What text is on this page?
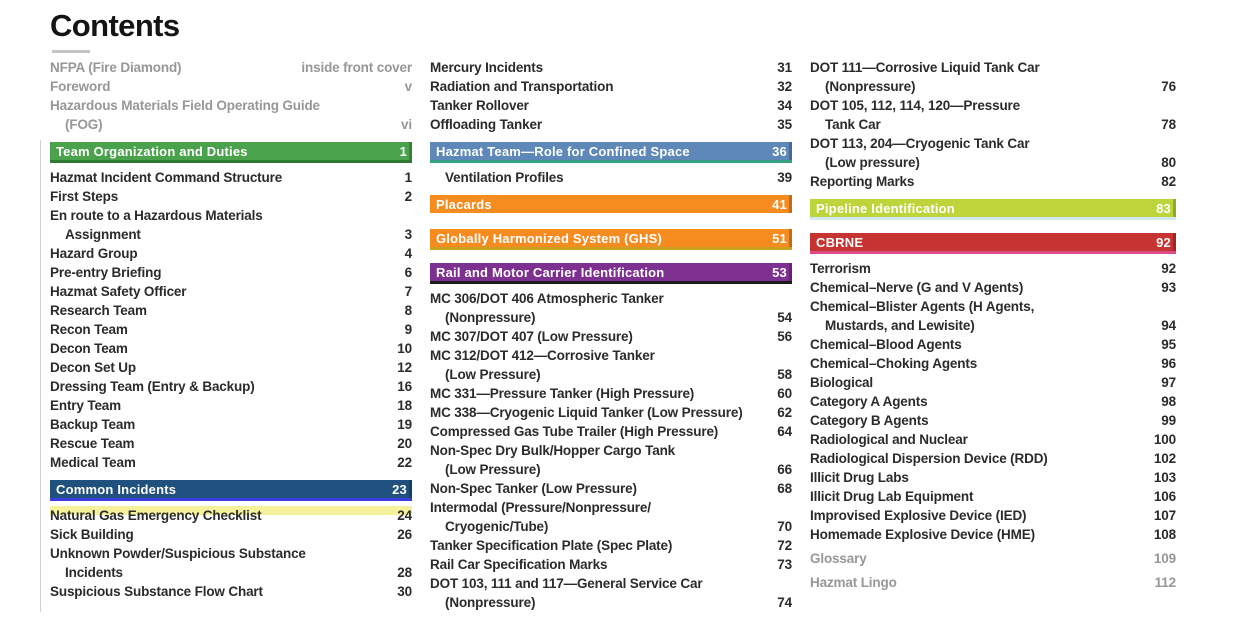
Contents
NFPA (Fire Diamond)	inside front cover
Foreword	v
Hazardous Materials Field Operating Guide
(FOG)	vi
Team Organization and Duties	1
Hazmat Incident Command Structure	1
First Steps	2
En route to a Hazardous Materials
Assignment	3
Hazard Group	4
Pre-entry Briefing	6
Hazmat Safety Officer	7
Research Team	8
Recon Team	9
Decon Team	10
Decon Set Up	12
Dressing Team (Entry & Backup)	16
Entry Team	18
Backup Team	19
Rescue Team	20
Medical Team	22
Common Incidents	23
Natural Gas Emergency Checklist	24
Sick Building	26
Unknown Powder/Suspicious Substance
Incidents	28
Suspicious Substance Flow Chart	30
Mercury Incidents	31
Radiation and Transportation	32
Tanker Rollover	34
Offloading Tanker	35
Hazmat Team—Role for Confined Space	36
Ventilation Profiles	39
Placards	41
Globally Harmonized System (GHS)	51
Rail and Motor Carrier Identification	53
MC 306/DOT 406 Atmospheric Tanker
(Nonpressure)	54
MC 307/DOT 407 (Low Pressure)	56
MC 312/DOT 412—Corrosive Tanker
(Low Pressure)	58
MC 331—Pressure Tanker (High Pressure)	60
MC 338—Cryogenic Liquid Tanker (Low Pressure)	62
Compressed Gas Tube Trailer (High Pressure)	64
Non-Spec Dry Bulk/Hopper Cargo Tank
(Low Pressure)	66
Non-Spec Tanker (Low Pressure)	68
Intermodal (Pressure/Nonpressure/
Cryogenic/Tube)	70
Tanker Specification Plate (Spec Plate)	72
Rail Car Specification Marks	73
DOT 103, 111 and 117—General Service Car
(Nonpressure)	74
DOT 111—Corrosive Liquid Tank Car
(Nonpressure)	76
DOT 105, 112, 114, 120—Pressure
Tank Car	78
DOT 113, 204—Cryogenic Tank Car
(Low pressure)	80
Reporting Marks	82
Pipeline Identification	83
CBRNE	92
Terrorism	92
Chemical–Nerve (G and V Agents)	93
Chemical–Blister Agents (H Agents,
Mustards, and Lewisite)	94
Chemical–Blood Agents	95
Chemical–Choking Agents	96
Biological	97
Category A Agents	98
Category B Agents	99
Radiological and Nuclear	100
Radiological Dispersion Device (RDD)	102
Illicit Drug Labs	103
Illicit Drug Lab Equipment	106
Improvised Explosive Device (IED)	107
Homemade Explosive Device (HME)	108
Glossary	109
Hazmat Lingo	112
